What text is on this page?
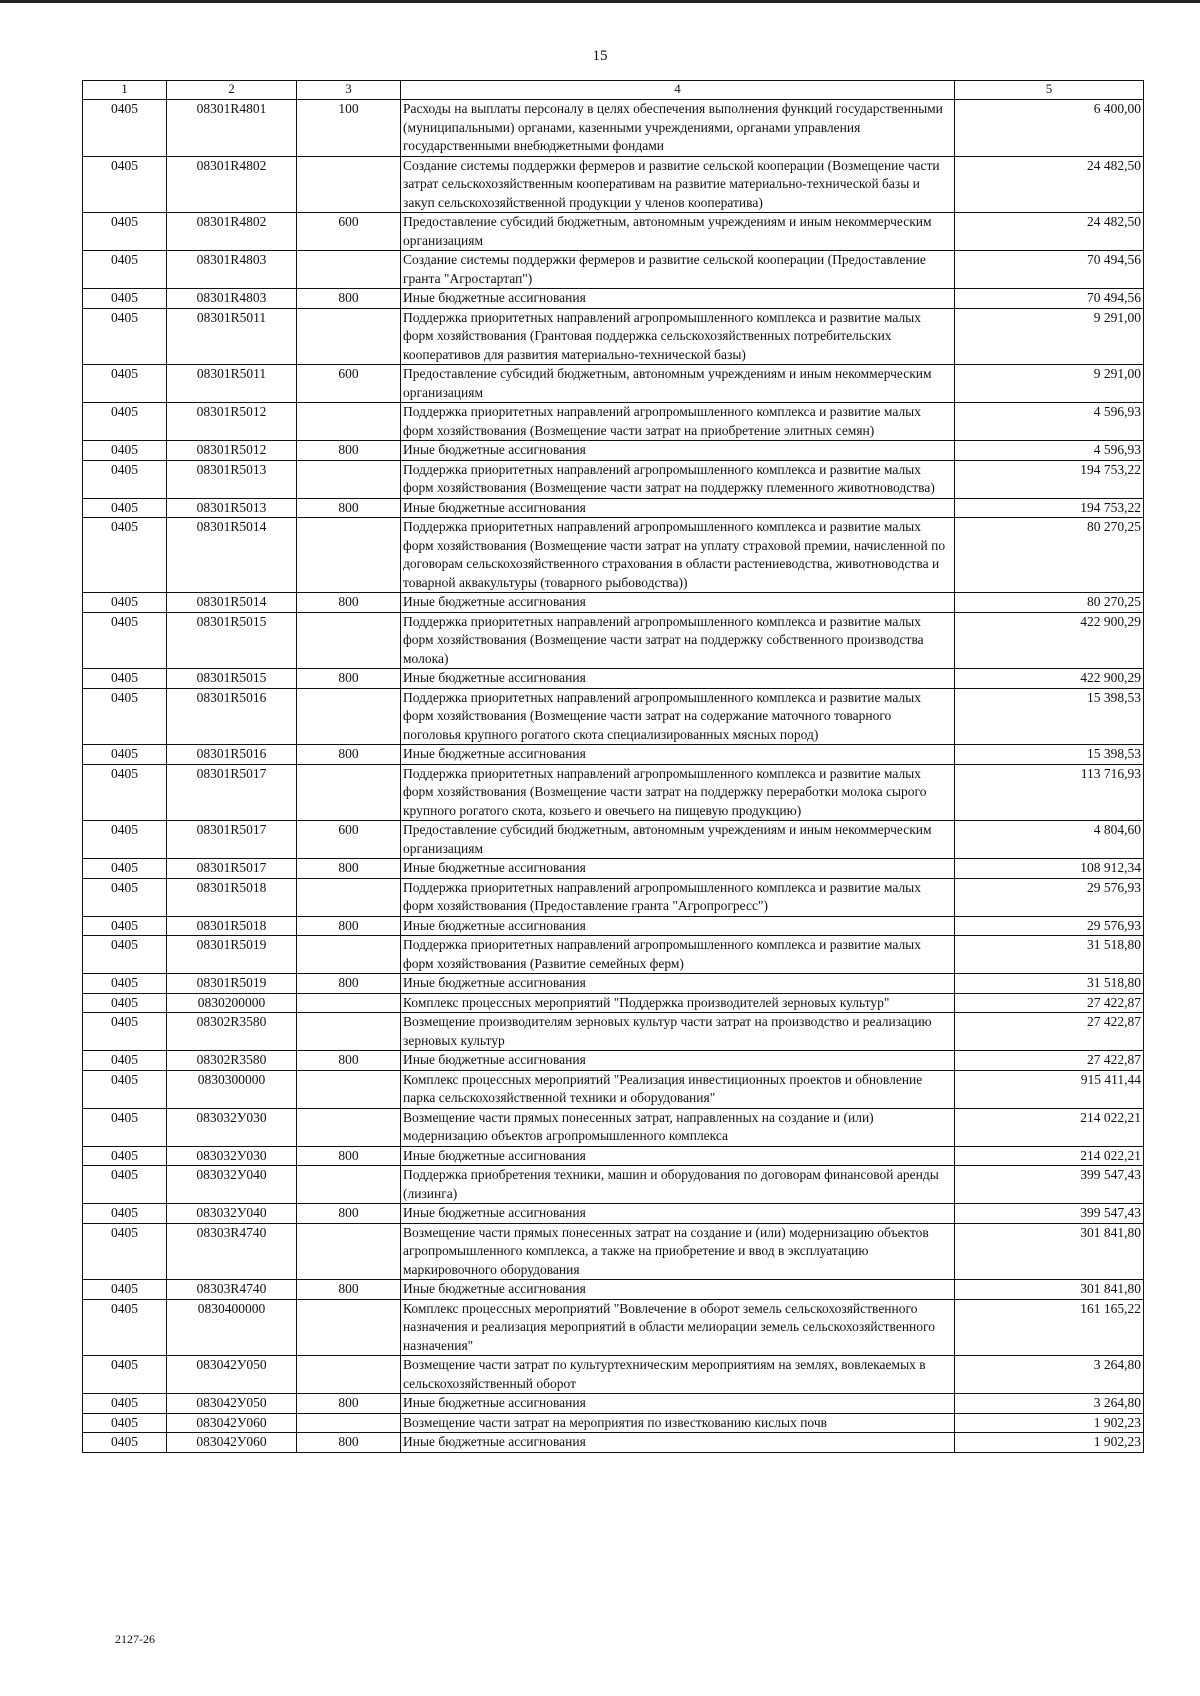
15
1	2	3	4	5
0405	08301R4801	100	Расходы на выплаты персоналу в целях обеспечения выполнения функций государственными (муниципальными) органами, казенными учреждениями, органами управления государственными внебюджетными фондами	6 400,00
0405	08301R4802		Создание системы поддержки фермеров и развитие сельской кооперации (Возмещение части затрат сельскохозяйственным кооперативам на развитие материально-технической базы и закуп сельскохозяйственной продукции у членов кооператива)	24 482,50
0405	08301R4802	600	Предоставление субсидий бюджетным, автономным учреждениям и иным некоммерческим организациям	24 482,50
0405	08301R4803		Создание системы поддержки фермеров и развитие сельской кооперации (Предоставление гранта "Агростартап")	70 494,56
0405	08301R4803	800	Иные бюджетные ассигнования	70 494,56
0405	08301R5011		Поддержка приоритетных направлений агропромышленного комплекса и развитие малых форм хозяйствования (Грантовая поддержка сельскохозяйственных потребительских кооперативов для развития материально-технической базы)	9 291,00
0405	08301R5011	600	Предоставление субсидий бюджетным, автономным учреждениям и иным некоммерческим организациям	9 291,00
0405	08301R5012		Поддержка приоритетных направлений агропромышленного комплекса и развитие малых форм хозяйствования (Возмещение части затрат на приобретение элитных семян)	4 596,93
0405	08301R5012	800	Иные бюджетные ассигнования	4 596,93
0405	08301R5013		Поддержка приоритетных направлений агропромышленного комплекса и развитие малых форм хозяйствования (Возмещение части затрат на поддержку племенного животноводства)	194 753,22
0405	08301R5013	800	Иные бюджетные ассигнования	194 753,22
0405	08301R5014		Поддержка приоритетных направлений агропромышленного комплекса и развитие малых форм хозяйствования (Возмещение части затрат на уплату страховой премии, начисленной по договорам сельскохозяйственного страхования в области растениеводства, животноводства и товарной аквакультуры (товарного рыбоводства))	80 270,25
0405	08301R5014	800	Иные бюджетные ассигнования	80 270,25
0405	08301R5015		Поддержка приоритетных направлений агропромышленного комплекса и развитие малых форм хозяйствования (Возмещение части затрат на поддержку собственного производства молока)	422 900,29
0405	08301R5015	800	Иные бюджетные ассигнования	422 900,29
0405	08301R5016		Поддержка приоритетных направлений агропромышленного комплекса и развитие малых форм хозяйствования (Возмещение части затрат на содержание маточного товарного поголовья крупного рогатого скота специализированных мясных пород)	15 398,53
0405	08301R5016	800	Иные бюджетные ассигнования	15 398,53
0405	08301R5017		Поддержка приоритетных направлений агропромышленного комплекса и развитие малых форм хозяйствования (Возмещение части затрат на поддержку переработки молока сырого крупного рогатого скота, козьего и овечьего на пищевую продукцию)	113 716,93
0405	08301R5017	600	Предоставление субсидий бюджетным, автономным учреждениям и иным некоммерческим организациям	4 804,60
0405	08301R5017	800	Иные бюджетные ассигнования	108 912,34
0405	08301R5018		Поддержка приоритетных направлений агропромышленного комплекса и развитие малых форм хозяйствования (Предоставление гранта "Агропрогресс")	29 576,93
0405	08301R5018	800	Иные бюджетные ассигнования	29 576,93
0405	08301R5019		Поддержка приоритетных направлений агропромышленного комплекса и развитие малых форм хозяйствования (Развитие семейных ферм)	31 518,80
0405	08301R5019	800	Иные бюджетные ассигнования	31 518,80
0405	0830200000		Комплекс процессных мероприятий "Поддержка производителей зерновых культур"	27 422,87
0405	08302R3580		Возмещение производителям зерновых культур части затрат на производство и реализацию зерновых культур	27 422,87
0405	08302R3580	800	Иные бюджетные ассигнования	27 422,87
0405	0830300000		Комплекс процессных мероприятий "Реализация инвестиционных проектов и обновление парка сельскохозяйственной техники и оборудования"	915 411,44
0405	083032У030		Возмещение части прямых понесенных затрат, направленных на создание и (или) модернизацию объектов агропромышленного комплекса	214 022,21
0405	083032У030	800	Иные бюджетные ассигнования	214 022,21
0405	083032У040		Поддержка приобретения техники, машин и оборудования по договорам финансовой аренды (лизинга)	399 547,43
0405	083032У040	800	Иные бюджетные ассигнования	399 547,43
0405	08303R4740		Возмещение части прямых понесенных затрат на создание и (или) модернизацию объектов агропромышленного комплекса, а также на приобретение и ввод в эксплуатацию маркировочного оборудования	301 841,80
0405	08303R4740	800	Иные бюджетные ассигнования	301 841,80
0405	0830400000		Комплекс процессных мероприятий "Вовлечение в оборот земель сельскохозяйственного назначения и реализация мероприятий в области мелиорации земель сельскохозяйственного назначения"	161 165,22
0405	083042У050		Возмещение части затрат по культуртехническим мероприятиям на землях, вовлекаемых в сельскохозяйственный оборот	3 264,80
0405	083042У050	800	Иные бюджетные ассигнования	3 264,80
0405	083042У060		Возмещение части затрат на мероприятия по известкованию кислых почв	1 902,23
0405	083042У060	800	Иные бюджетные ассигнования	1 902,23
2127-26
